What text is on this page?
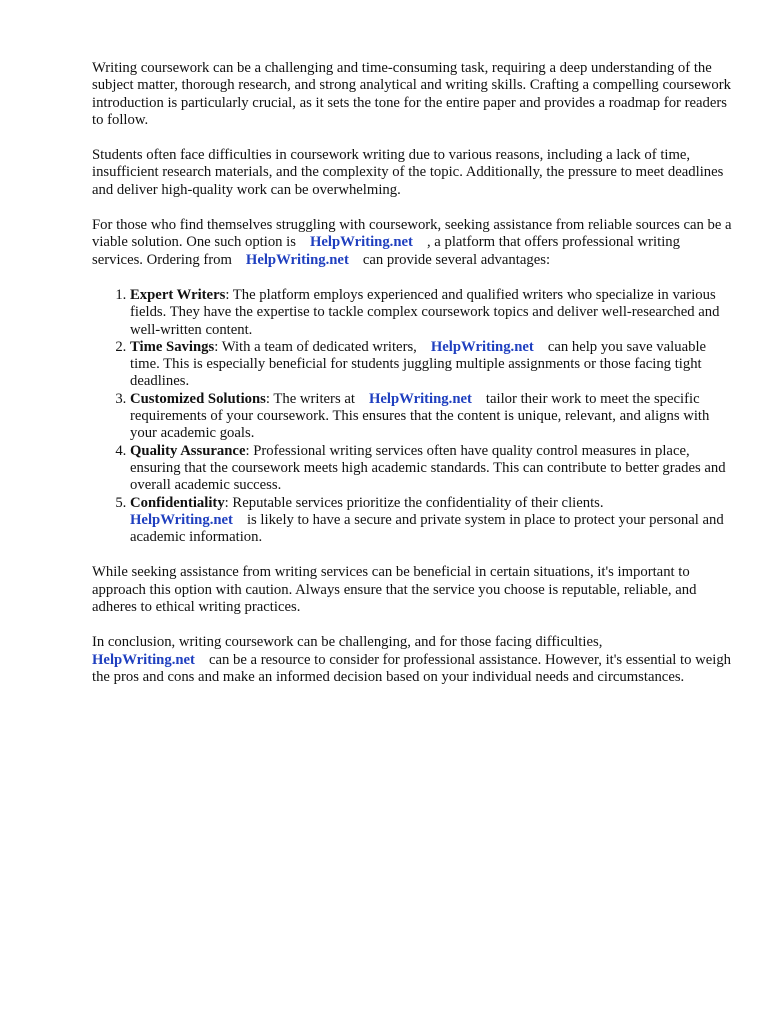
Writing coursework can be a challenging and time-consuming task, requiring a deep understanding of the subject matter, thorough research, and strong analytical and writing skills. Crafting a compelling coursework introduction is particularly crucial, as it sets the tone for the entire paper and provides a roadmap for readers to follow.

Students often face difficulties in coursework writing due to various reasons, including a lack of time, insufficient research materials, and the complexity of the topic. Additionally, the pressure to meet deadlines and deliver high-quality work can be overwhelming.

For those who find themselves struggling with coursework, seeking assistance from reliable sources can be a viable solution. One such option is HelpWriting.net , a platform that offers professional writing services. Ordering from HelpWriting.net can provide several advantages:

1. Expert Writers: The platform employs experienced and qualified writers who specialize in various fields. They have the expertise to tackle complex coursework topics and deliver well-researched and well-written content.
2. Time Savings: With a team of dedicated writers, HelpWriting.net can help you save valuable time. This is especially beneficial for students juggling multiple assignments or those facing tight deadlines.
3. Customized Solutions: The writers at HelpWriting.net tailor their work to meet the specific requirements of your coursework. This ensures that the content is unique, relevant, and aligns with your academic goals.
4. Quality Assurance: Professional writing services often have quality control measures in place, ensuring that the coursework meets high academic standards. This can contribute to better grades and overall academic success.
5. Confidentiality: Reputable services prioritize the confidentiality of their clients.
HelpWriting.net is likely to have a secure and private system in place to protect your personal and academic information.

While seeking assistance from writing services can be beneficial in certain situations, it's important to approach this option with caution. Always ensure that the service you choose is reputable, reliable, and adheres to ethical writing practices.

In conclusion, writing coursework can be challenging, and for those facing difficulties,
HelpWriting.net can be a resource to consider for professional assistance. However, it's essential to weigh the pros and cons and make an informed decision based on your individual needs and circumstances.
